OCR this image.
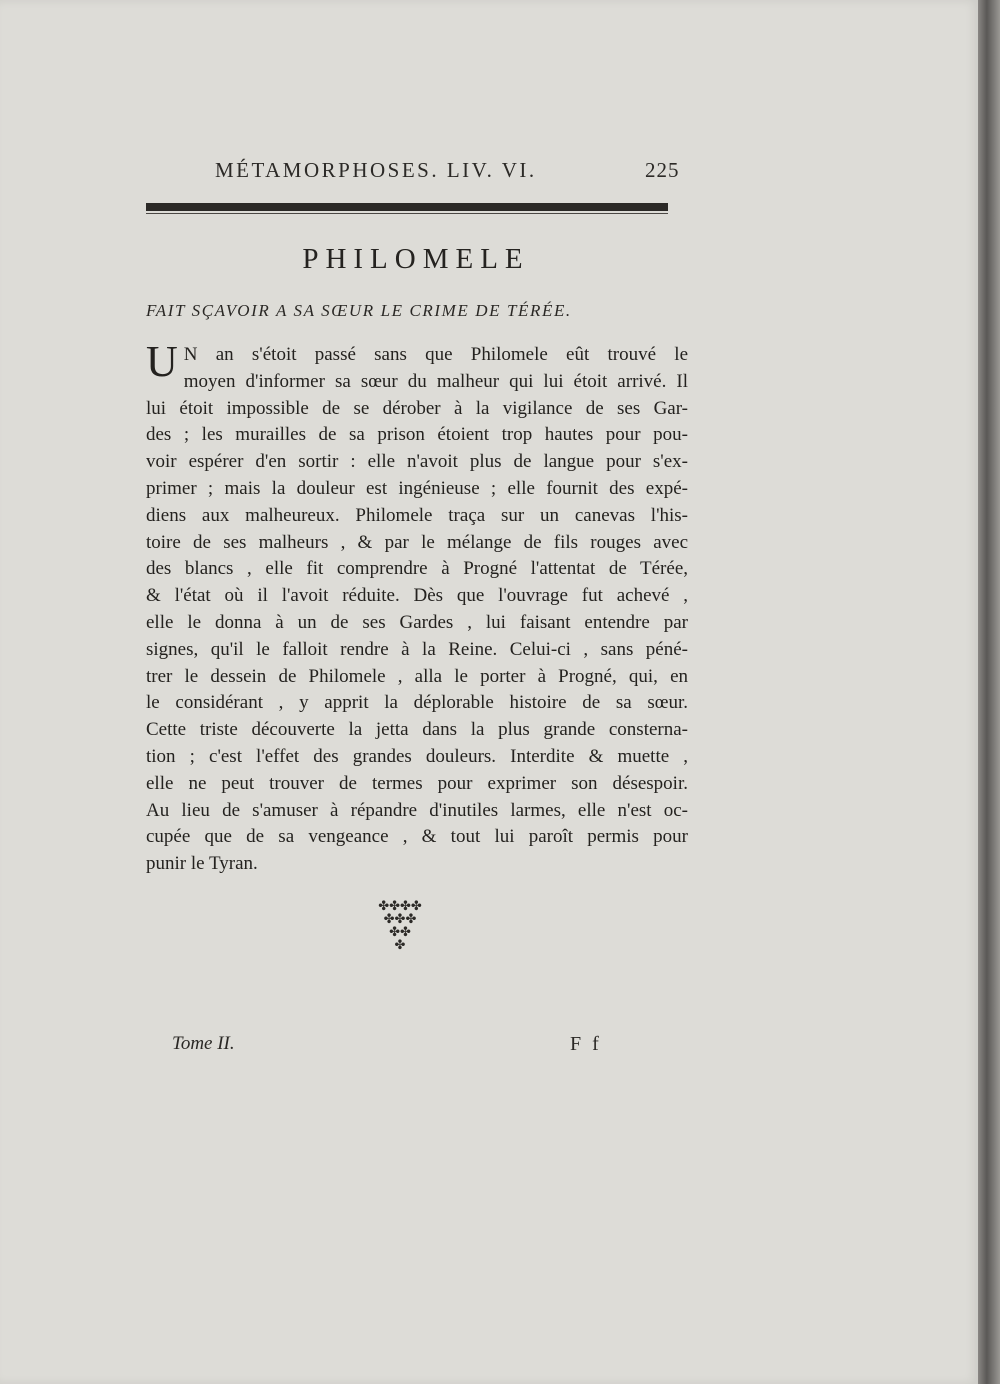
MÉTAMORPHOSES. LIV. VI.	225
PHILOMELE
FAIT SÇAVOIR A SA SŒUR LE CRIME DE TÉRÉE.
U N an s'étoit passé sans que Philomele eût trouvé le
moyen d'informer sa sœur du malheur qui lui étoit arrivé. Il
lui étoit impossible de se dérober à la vigilance de ses Gar-
des ; les murailles de sa prison étoient trop hautes pour pou-
voir espérer d'en sortir : elle n'avoit plus de langue pour s'ex-
primer ; mais la douleur est ingénieuse ; elle fournit des expé-
diens aux malheureux. Philomele traça sur un canevas l'his-
toire de ses malheurs , & par le mélange de fils rouges avec
des blancs , elle fit comprendre à Progné l'attentat de Térée,
& l'état où il l'avoit réduite. Dès que l'ouvrage fut achevé ,
elle le donna à un de ses Gardes , lui faisant entendre par
signes, qu'il le falloit rendre à la Reine. Celui-ci , sans péné-
trer le dessein de Philomele , alla le porter à Progné, qui, en
le considérant , y apprit la déplorable histoire de sa sœur.
Cette triste découverte la jetta dans la plus grande consterna-
tion ; c'est l'effet des grandes douleurs. Interdite & muette ,
elle ne peut trouver de termes pour exprimer son désespoir.
Au lieu de s'amuser à répandre d'inutiles larmes, elle n'est oc-
cupée que de sa vengeance , & tout lui paroît permis pour
punir le Tyran.
✤✤✤✤
✤✤✤
✤✤
✤
Tome II.	F f
